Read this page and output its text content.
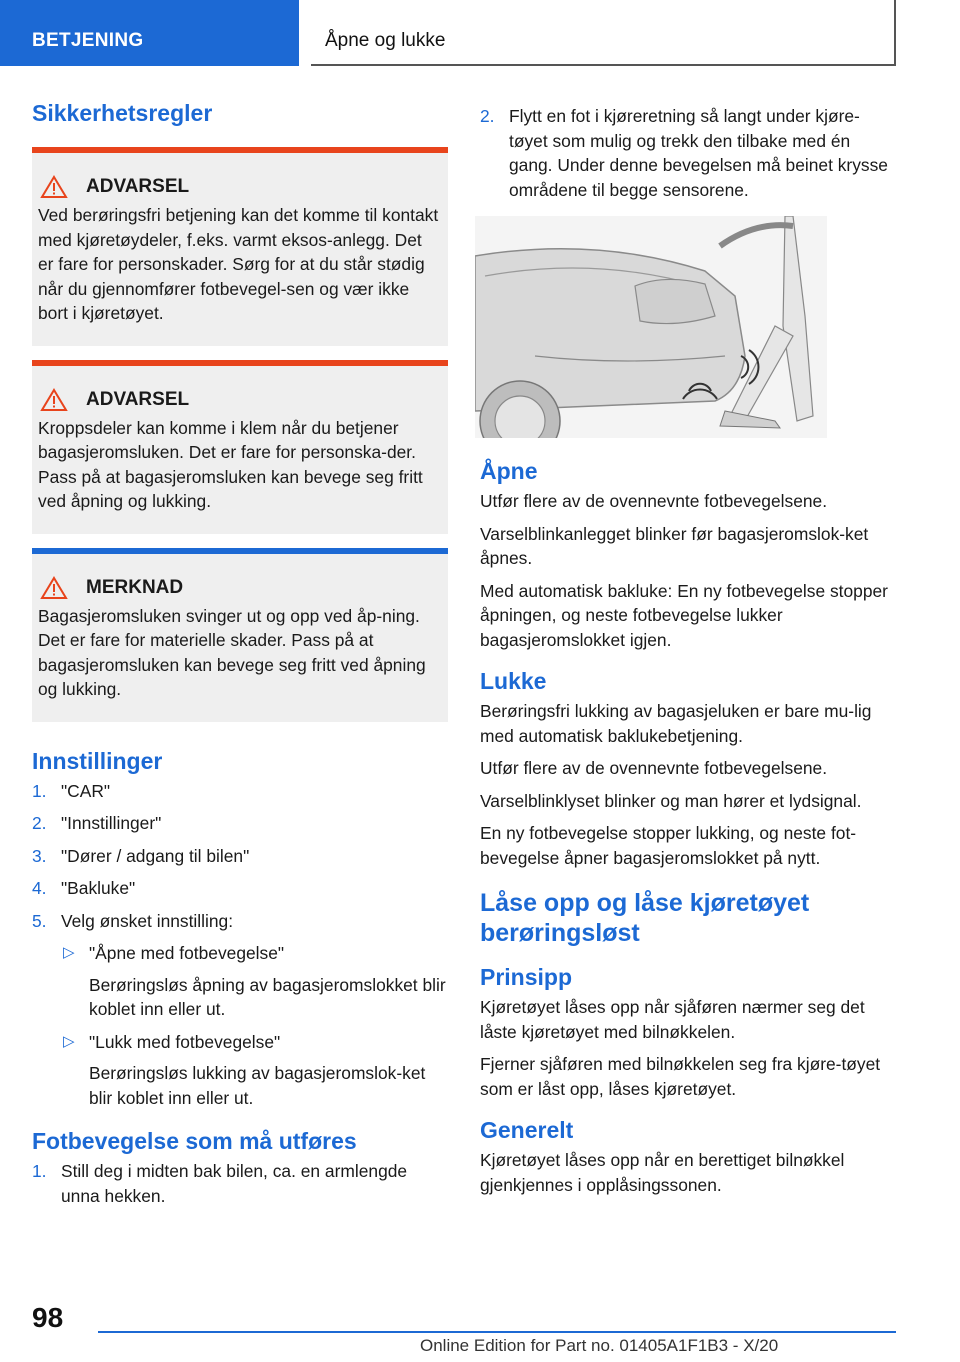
BETJENING	Åpne og lukke
Sikkerhetsregler
ADVARSEL

Ved berøringsfri betjening kan det komme til kontakt med kjøretøydeler, f.eks. varmt eksos-anlegg. Det er fare for personskader. Sørg for at du står stødig når du gjennomfører fotbevegel-sen og vær ikke bort i kjøretøyet.

ADVARSEL

Kroppsdeler kan komme i klem når du betjener bagasjeromsluken. Det er fare for personska-der. Pass på at bagasjeromsluken kan bevege seg fritt ved åpning og lukking.

MERKNAD

Bagasjeromsluken svinger ut og opp ved åp-ning. Det er fare for materielle skader. Pass på at bagasjeromsluken kan bevege seg fritt ved åpning og lukking.

Innstillinger
1. "CAR"
2. "Innstillinger"
3. "Dører / adgang til bilen"
4. "Bakluke"
5. Velg ønsket innstilling:
▷ "Åpne med fotbevegelse"
Berøringsløs åpning av bagasjeromslokket blir koblet inn eller ut.
▷ "Lukk med fotbevegelse"
Berøringsløs lukking av bagasjeromslok-ket blir koblet inn eller ut.
Fotbevegelse som må utføres
1. Still deg i midten bak bilen, ca. en armlengde unna hekken.
2. Flytt en fot i kjøreretning så langt under kjøre-tøyet som mulig og trekk den tilbake med én gang. Under denne bevegelsen må beinet krysse områdene til begge sensorene.
Åpne

Utfør flere av de ovennevnte fotbevegelsene.

Varselblinkanlegget blinker før bagasjeromslok-ket åpnes.

Med automatisk bakluke: En ny fotbevegelse stopper åpningen, og neste fotbevegelse lukker bagasjeromslokket igjen.

Lukke

Berøringsfri lukking av bagasjeluken er bare mu-lig med automatisk baklukebetjening.

Utfør flere av de ovennevnte fotbevegelsene.

Varselblinklyset blinker og man hører et lydsignal.

En ny fotbevegelse stopper lukking, og neste fot-bevegelse åpner bagasjeromslokket på nytt.

Låse opp og låse kjøretøyet berøringsløst
Prinsipp

Kjøretøyet låses opp når sjåføren nærmer seg det låste kjøretøyet med bilnøkkelen.

Fjerner sjåføren med bilnøkkelen seg fra kjøre-tøyet som er låst opp, låses kjøretøyet.

Generelt

Kjøretøyet låses opp når en berettiget bilnøkkel gjenkjennes i opplåsingssonen.

98
Online Edition for Part no. 01405A1F1B3 - X/20
